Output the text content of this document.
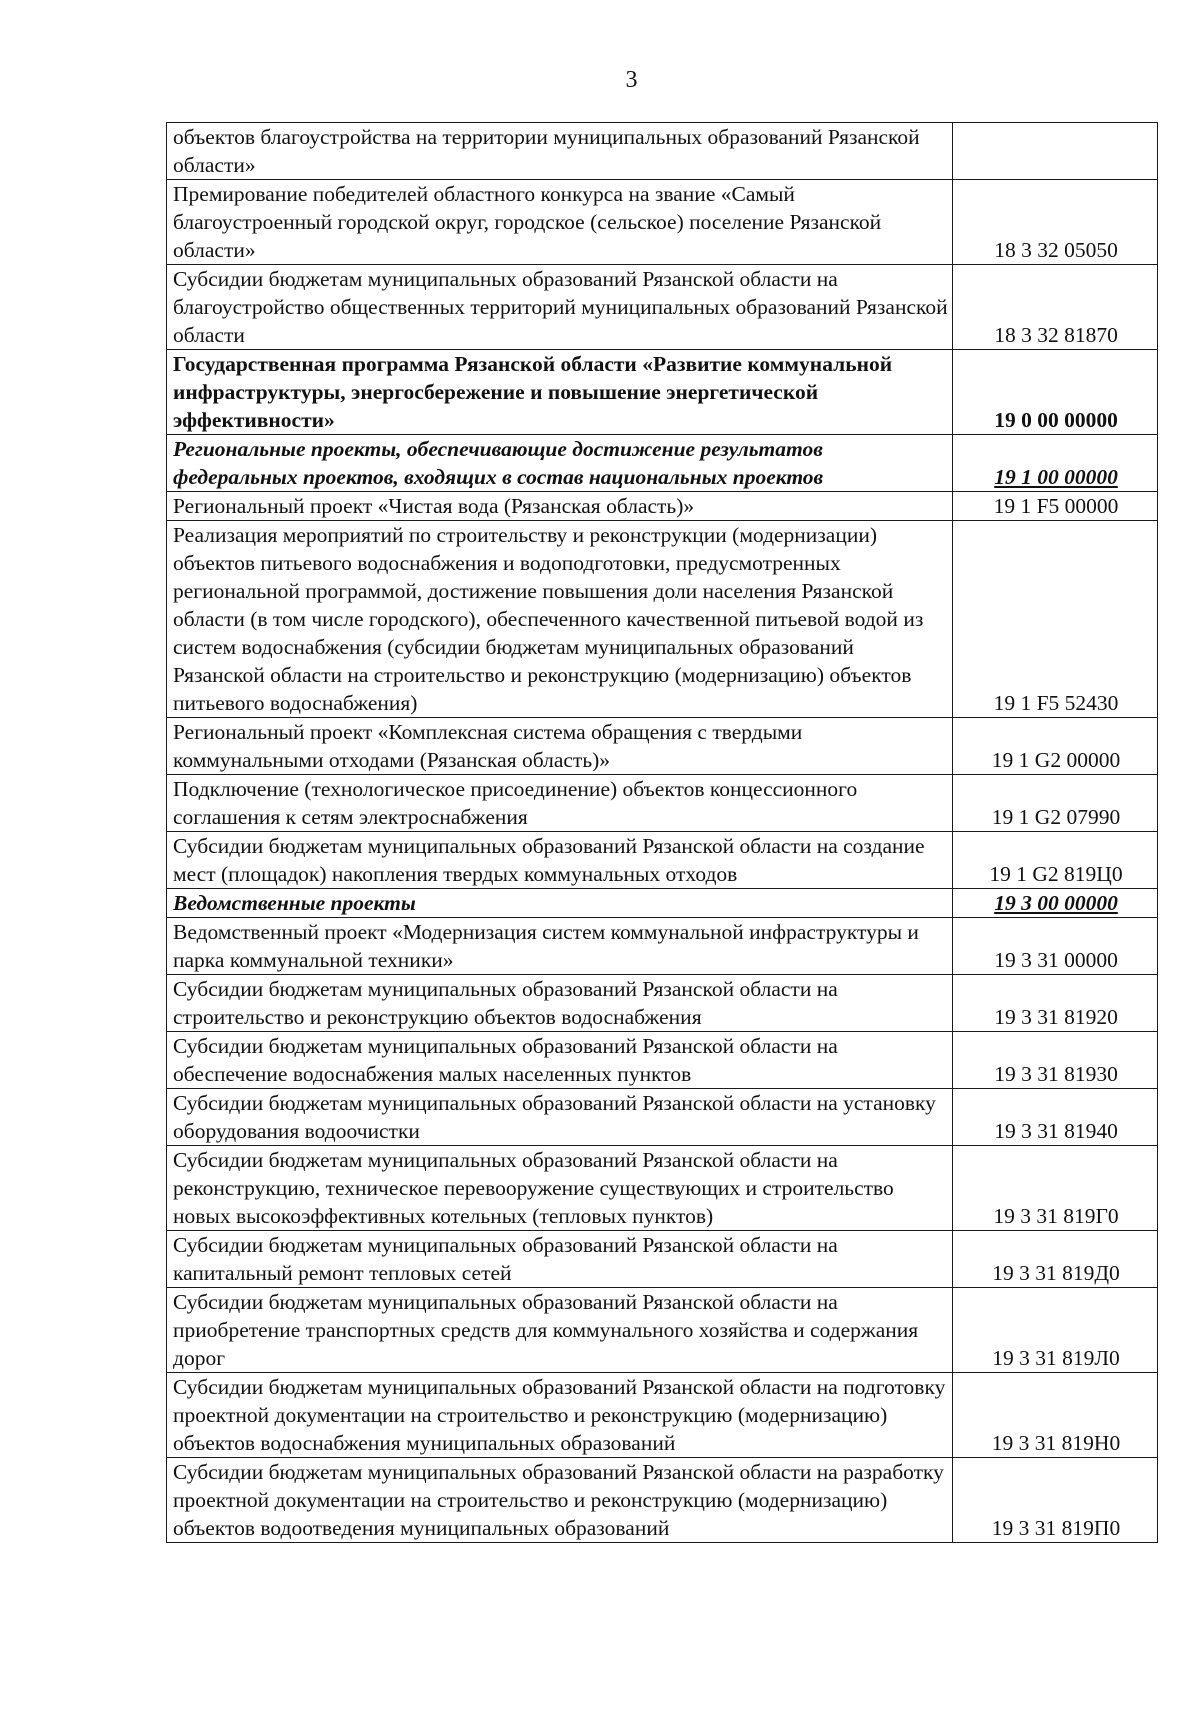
3
объектов благоустройства на территории муниципальных образований Рязанской области»	
Премирование победителей областного конкурса на звание «Самый благоустроенный городской округ, городское (сельское) поселение Рязанской области»	18 3 32 05050
Субсидии бюджетам муниципальных образований Рязанской области на благоустройство общественных территорий муниципальных образований Рязанской области	18 3 32 81870
Государственная программа Рязанской области «Развитие коммунальной инфраструктуры, энергосбережение и повышение энергетической эффективности»	19 0 00 00000
Региональные проекты, обеспечивающие достижение результатов федеральных проектов, входящих в состав национальных проектов	19 1 00 00000
Региональный проект «Чистая вода (Рязанская область)»	19 1 F5 00000
Реализация мероприятий по строительству и реконструкции (модернизации) объектов питьевого водоснабжения и водоподготовки, предусмотренных региональной программой, достижение повышения доли населения Рязанской области (в том числе городского), обеспеченного качественной питьевой водой из систем водоснабжения (субсидии бюджетам муниципальных образований Рязанской области на строительство и реконструкцию (модернизацию) объектов питьевого водоснабжения)	19 1 F5 52430
Региональный проект «Комплексная система обращения с твердыми коммунальными отходами (Рязанская область)»	19 1 G2 00000
Подключение (технологическое присоединение) объектов концессионного соглашения к сетям электроснабжения	19 1 G2 07990
Субсидии бюджетам муниципальных образований Рязанской области на создание мест (площадок) накопления твердых коммунальных отходов	19 1 G2 819Ц0
Ведомственные проекты	19 3 00 00000
Ведомственный проект «Модернизация систем коммунальной инфраструктуры и парка коммунальной техники»	19 3 31 00000
Субсидии бюджетам муниципальных образований Рязанской области на строительство и реконструкцию объектов водоснабжения	19 3 31 81920
Субсидии бюджетам муниципальных образований Рязанской области на обеспечение водоснабжения малых населенных пунктов	19 3 31 81930
Субсидии бюджетам муниципальных образований Рязанской области на установку оборудования водоочистки	19 3 31 81940
Субсидии бюджетам муниципальных образований Рязанской области на реконструкцию, техническое перевооружение существующих и строительство новых высокоэффективных котельных (тепловых пунктов)	19 3 31 819Г0
Субсидии бюджетам муниципальных образований Рязанской области на капитальный ремонт тепловых сетей	19 3 31 819Д0
Субсидии бюджетам муниципальных образований Рязанской области на приобретение транспортных средств для коммунального хозяйства и содержания дорог	19 3 31 819Л0
Субсидии бюджетам муниципальных образований Рязанской области на подготовку проектной документации на строительство и реконструкцию (модернизацию) объектов водоснабжения муниципальных образований	19 3 31 819Н0
Субсидии бюджетам муниципальных образований Рязанской области на разработку проектной документации на строительство и реконструкцию (модернизацию) объектов водоотведения муниципальных образований	19 3 31 819П0
